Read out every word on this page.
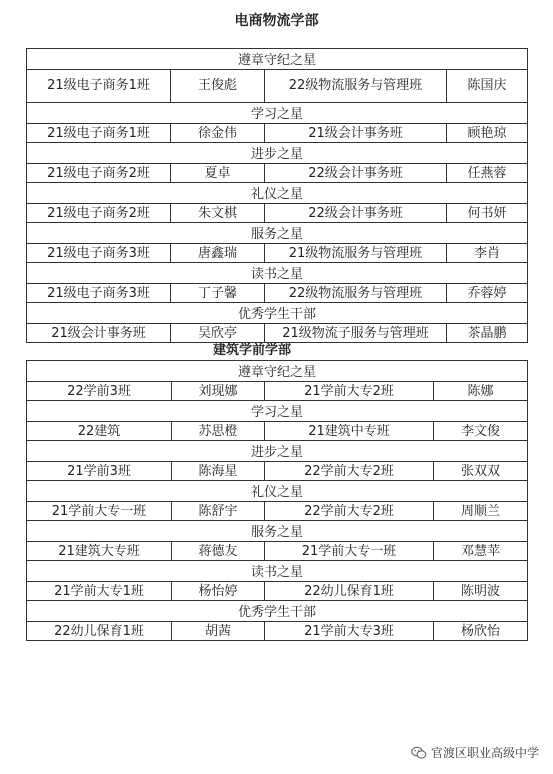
电商物流学部
遵章守纪之星			
21级电子商务1班	王俊彪	22级物流服务与管理班	陈国庆
学习之星			
21级电子商务1班	徐金伟	21级会计事务班	顾艳琼
进步之星			
21级电子商务2班	夏卓	22级会计事务班	任燕蓉
礼仪之星			
21级电子商务2班	朱文棋	22级会计事务班	何书妍
服务之星			
21级电子商务3班	唐鑫瑞	21级物流服务与管理班	李肖
读书之星			
21级电子商务3班	丁子馨	22级物流服务与管理班	乔蓉婷
优秀学生干部			
21级会计事务班	吴欣亭	21级物流子服务与管理班	茶晶鹏
建筑学前学部
遵章守纪之星			
22学前3班	刘现娜	21学前大专2班	陈娜
学习之星			
22建筑	苏思橙	21建筑中专班	李文俊
进步之星			
21学前3班	陈海星	22学前大专2班	张双双
礼仪之星			
21学前大专一班	陈舒宇	22学前大专2班	周顺兰
服务之星			
21建筑大专班	蒋德友	21学前大专一班	邓慧苹
读书之星			
21学前大专1班	杨怡婷	22幼儿保育1班	陈明波
优秀学生干部			
22幼儿保育1班	胡茜	21学前大专3班	杨欣怡
官渡区职业高级中学
